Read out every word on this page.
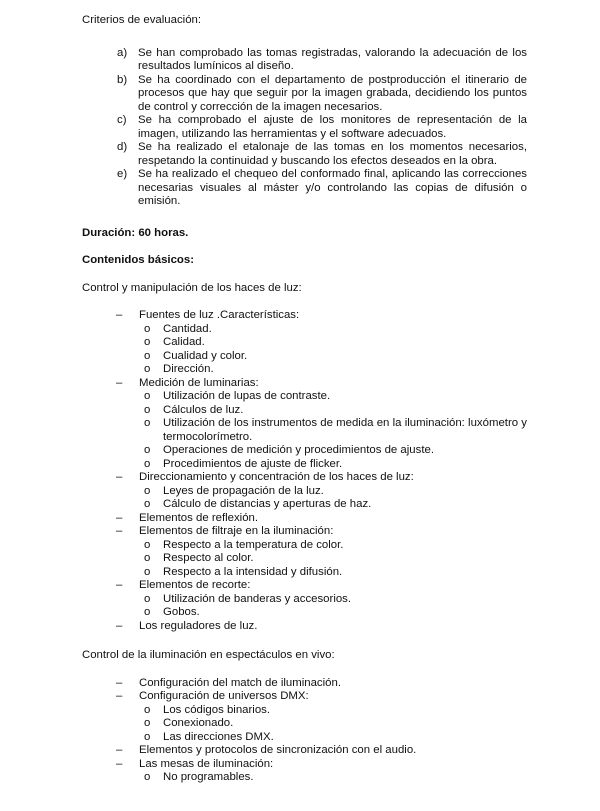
Criterios de evaluación:

a) Se han comprobado las tomas registradas, valorando la adecuación de los resultados lumínicos al diseño.
b) Se ha coordinado con el departamento de postproducción el itinerario de procesos que hay que seguir por la imagen grabada, decidiendo los puntos de control y corrección de la imagen necesarios.
c) Se ha comprobado el ajuste de los monitores de representación de la imagen, utilizando las herramientas y el software adecuados.
d) Se ha realizado el etalonaje de las tomas en los momentos necesarios, respetando la continuidad y buscando los efectos deseados en la obra.
e) Se ha realizado el chequeo del conformado final, aplicando las correcciones necesarias visuales al máster y/o controlando las copias de difusión o emisión.

Duración: 60 horas.

Contenidos básicos:

Control y manipulación de los haces de luz:

– Fuentes de luz .Características:
o Cantidad.
o Calidad.
o Cualidad y color.
o Dirección.
– Medición de luminarias:
o Utilización de lupas de contraste.
o Cálculos de luz.
o Utilización de los instrumentos de medida en la iluminación: luxómetro y termocolorímetro.
o Operaciones de medición y procedimientos de ajuste.
o Procedimientos de ajuste de flicker.
– Direccionamiento y concentración de los haces de luz:
o Leyes de propagación de la luz.
o Cálculo de distancias y aperturas de haz.
– Elementos de reflexión.
– Elementos de filtraje en la iluminación:
o Respecto a la temperatura de color.
o Respecto al color.
o Respecto a la intensidad y difusión.
– Elementos de recorte:
o Utilización de banderas y accesorios.
o Gobos.
– Los reguladores de luz.

Control de la iluminación en espectáculos en vivo:

– Configuración del match de iluminación.
– Configuración de universos DMX:
o Los códigos binarios.
o Conexionado.
o Las direcciones DMX.
– Elementos y protocolos de sincronización con el audio.
– Las mesas de iluminación:
o No programables.
